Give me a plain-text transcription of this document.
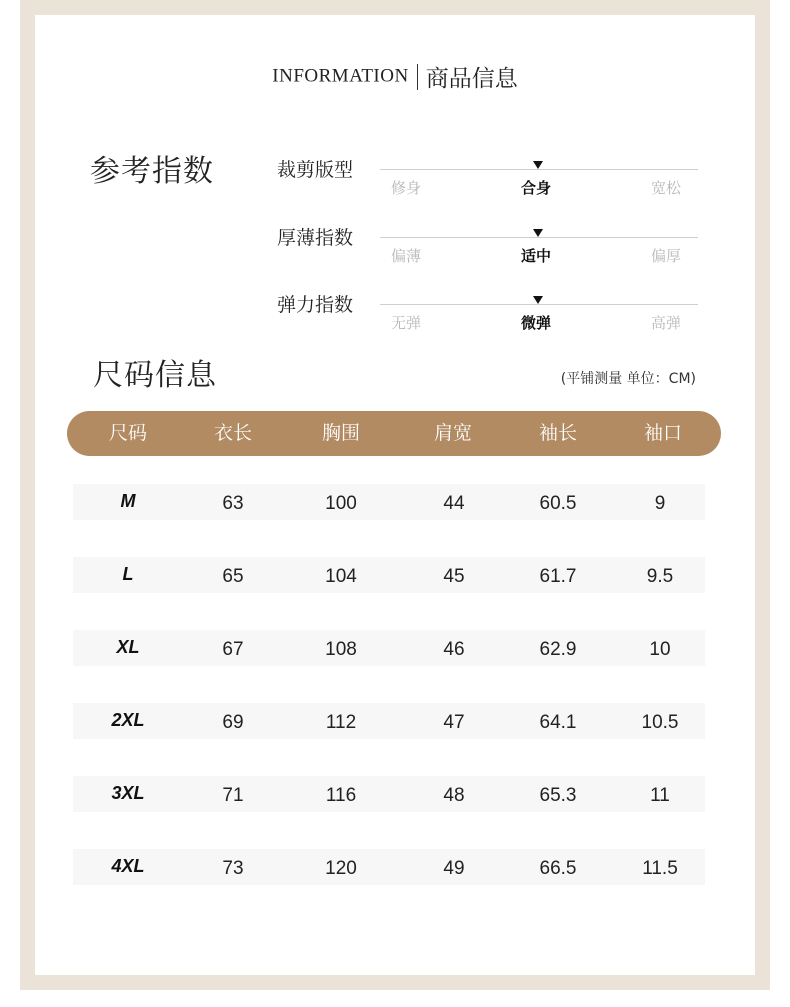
INFORMATION 商品信息
参考指数	裁剪版型
修身	合身	宽松
厚薄指数
偏薄	适中	偏厚
弹力指数
无弹	微弹	高弹
尺码信息	(平铺测量 单位：CM)
尺码	衣长	胸围	肩宽	袖长	袖口
M	63	100	44	60.5	9
L	65	104	45	61.7	9.5
XL	67	108	46	62.9	10
2XL	69	112	47	64.1	10.5
3XL	71	116	48	65.3	11
4XL	73	120	49	66.5	11.5
